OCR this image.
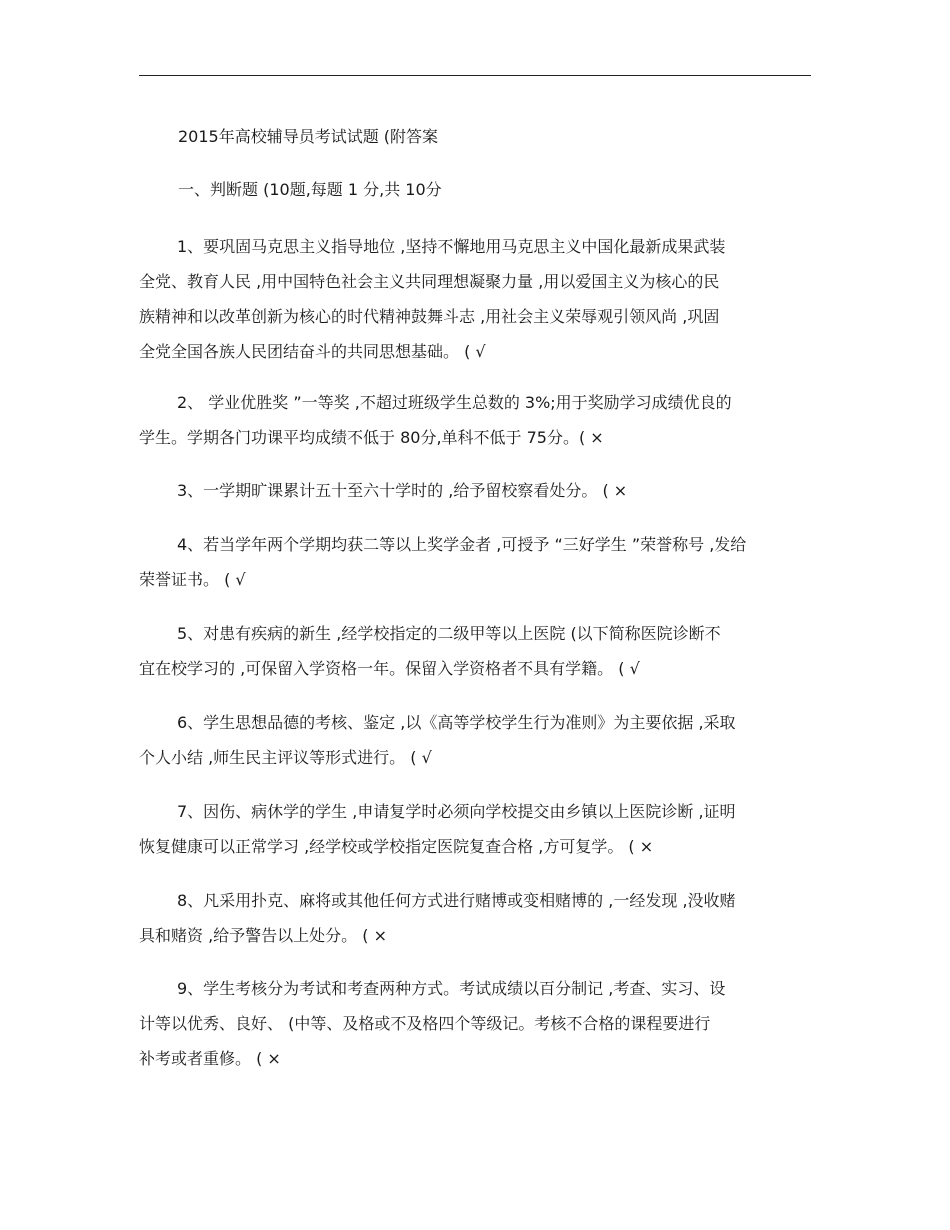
2015年高校辅导员考试试题 (附答案
一、判断题 (10题,每题 1 分,共 10分
1、要巩固马克思主义指导地位 ,坚持不懈地用马克思主义中国化最新成果武装
全党、教育人民 ,用中国特色社会主义共同理想凝聚力量 ,用以爱国主义为核心的民
族精神和以改革创新为核心的时代精神鼓舞斗志 ,用社会主义荣辱观引领风尚 ,巩固
全党全国各族人民团结奋斗的共同思想基础。 ( √
2、 学业优胜奖 ”一等奖 ,不超过班级学生总数的 3%;用于奖励学习成绩优良的
学生。学期各门功课平均成绩不低于 80分,单科不低于 75分。( ×
3、一学期旷课累计五十至六十学时的 ,给予留校察看处分。 ( ×
4、若当学年两个学期均获二等以上奖学金者 ,可授予 “三好学生 ”荣誉称号 ,发给
荣誉证书。 ( √
5、对患有疾病的新生 ,经学校指定的二级甲等以上医院 (以下简称医院诊断不
宜在校学习的 ,可保留入学资格一年。保留入学资格者不具有学籍。 ( √
6、学生思想品德的考核、鉴定 ,以《高等学校学生行为准则》为主要依据 ,采取
个人小结 ,师生民主评议等形式进行。 ( √
7、因伤、病休学的学生 ,申请复学时必须向学校提交由乡镇以上医院诊断 ,证明
恢复健康可以正常学习 ,经学校或学校指定医院复查合格 ,方可复学。 ( ×
8、凡采用扑克、麻将或其他任何方式进行赌博或变相赌博的 ,一经发现 ,没收赌
具和赌资 ,给予警告以上处分。 ( ×
9、学生考核分为考试和考查两种方式。考试成绩以百分制记 ,考查、实习、设
计等以优秀、良好、 (中等、及格或不及格四个等级记。考核不合格的课程要进行
补考或者重修。 ( ×
